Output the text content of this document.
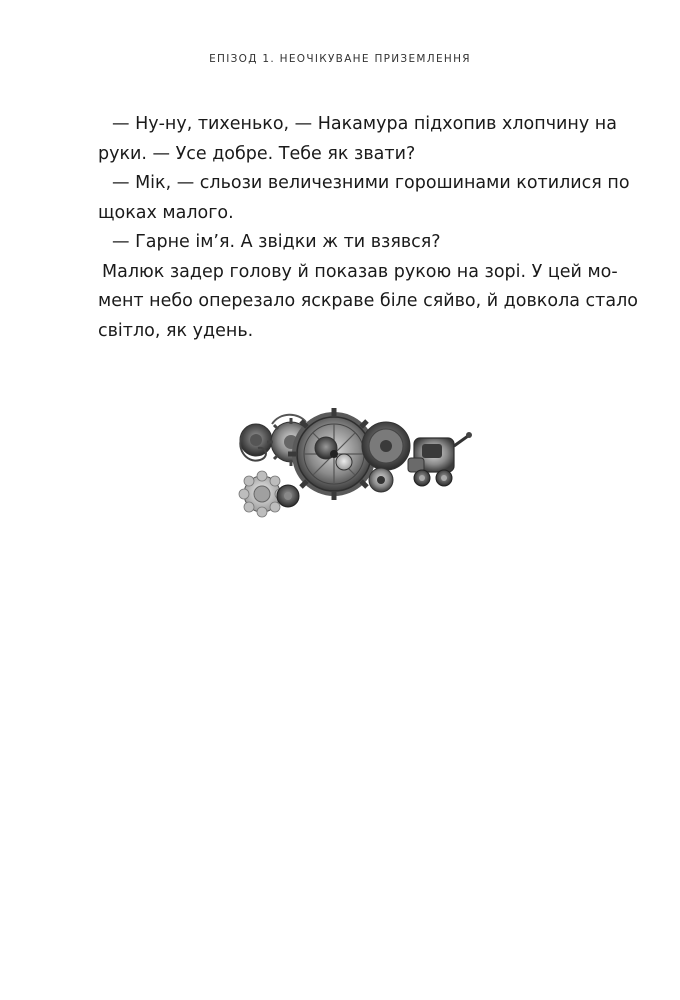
ЕПІЗОД 1. НЕОЧІКУВАНЕ ПРИЗЕМЛЕННЯ
— Ну-ну, тихенько, — Накамура підхопив хлопчину на
руки. — Усе добре. Тебе як звати?
— Мік, — сльози величезними горошинами котилися по
щоках малого.
— Гарне ім’я. А звідки ж ти взявся?
Малюк задер голову й показав рукою на зорі. У цей мо-
мент небо оперезало яскраве біле сяйво, й довкола стало
світло, як удень.
